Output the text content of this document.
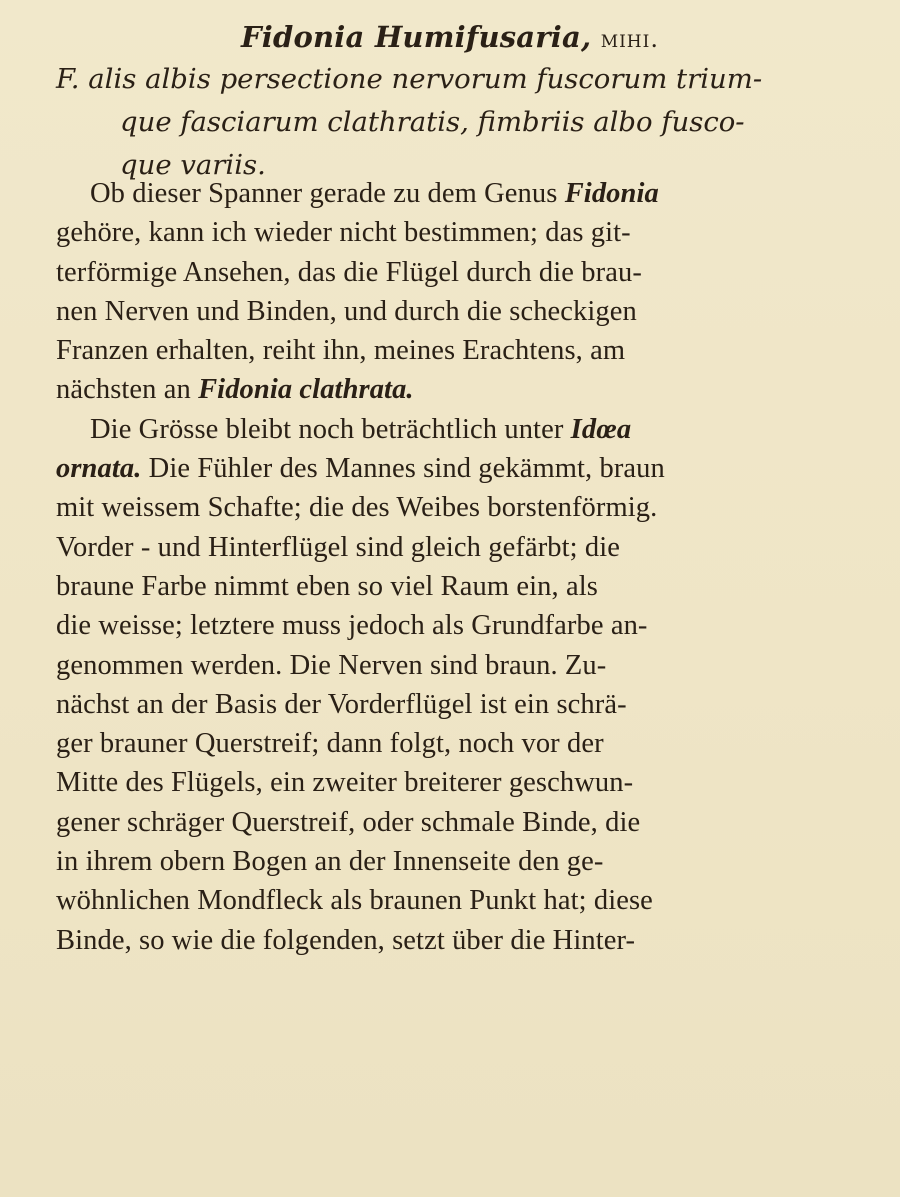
Fidonia Humifusaria, mihi.
F. alis albis persectione nervorum fuscorum trium-
que fasciarum clathratis, fimbriis albo fusco-
que variis.
Ob dieser Spanner gerade zu dem Genus Fidonia
gehöre, kann ich wieder nicht bestimmen; das git-
terförmige Ansehen, das die Flügel durch die brau-
nen Nerven und Binden, und durch die scheckigen
Franzen erhalten, reiht ihn, meines Erachtens, am
nächsten an Fidonia clathrata.
Die Grösse bleibt noch beträchtlich unter Idœa
ornata. Die Fühler des Mannes sind gekämmt, braun
mit weissem Schafte; die des Weibes borstenförmig.
Vorder - und Hinterflügel sind gleich gefärbt; die
braune Farbe nimmt eben so viel Raum ein, als
die weisse; letztere muss jedoch als Grundfarbe an-
genommen werden. Die Nerven sind braun. Zu-
nächst an der Basis der Vorderflügel ist ein schrä-
ger brauner Querstreif; dann folgt, noch vor der
Mitte des Flügels, ein zweiter breiterer geschwun-
gener schräger Querstreif, oder schmale Binde, die
in ihrem obern Bogen an der Innenseite den ge-
wöhnlichen Mondfleck als braunen Punkt hat; diese
Binde, so wie die folgenden, setzt über die Hinter-
